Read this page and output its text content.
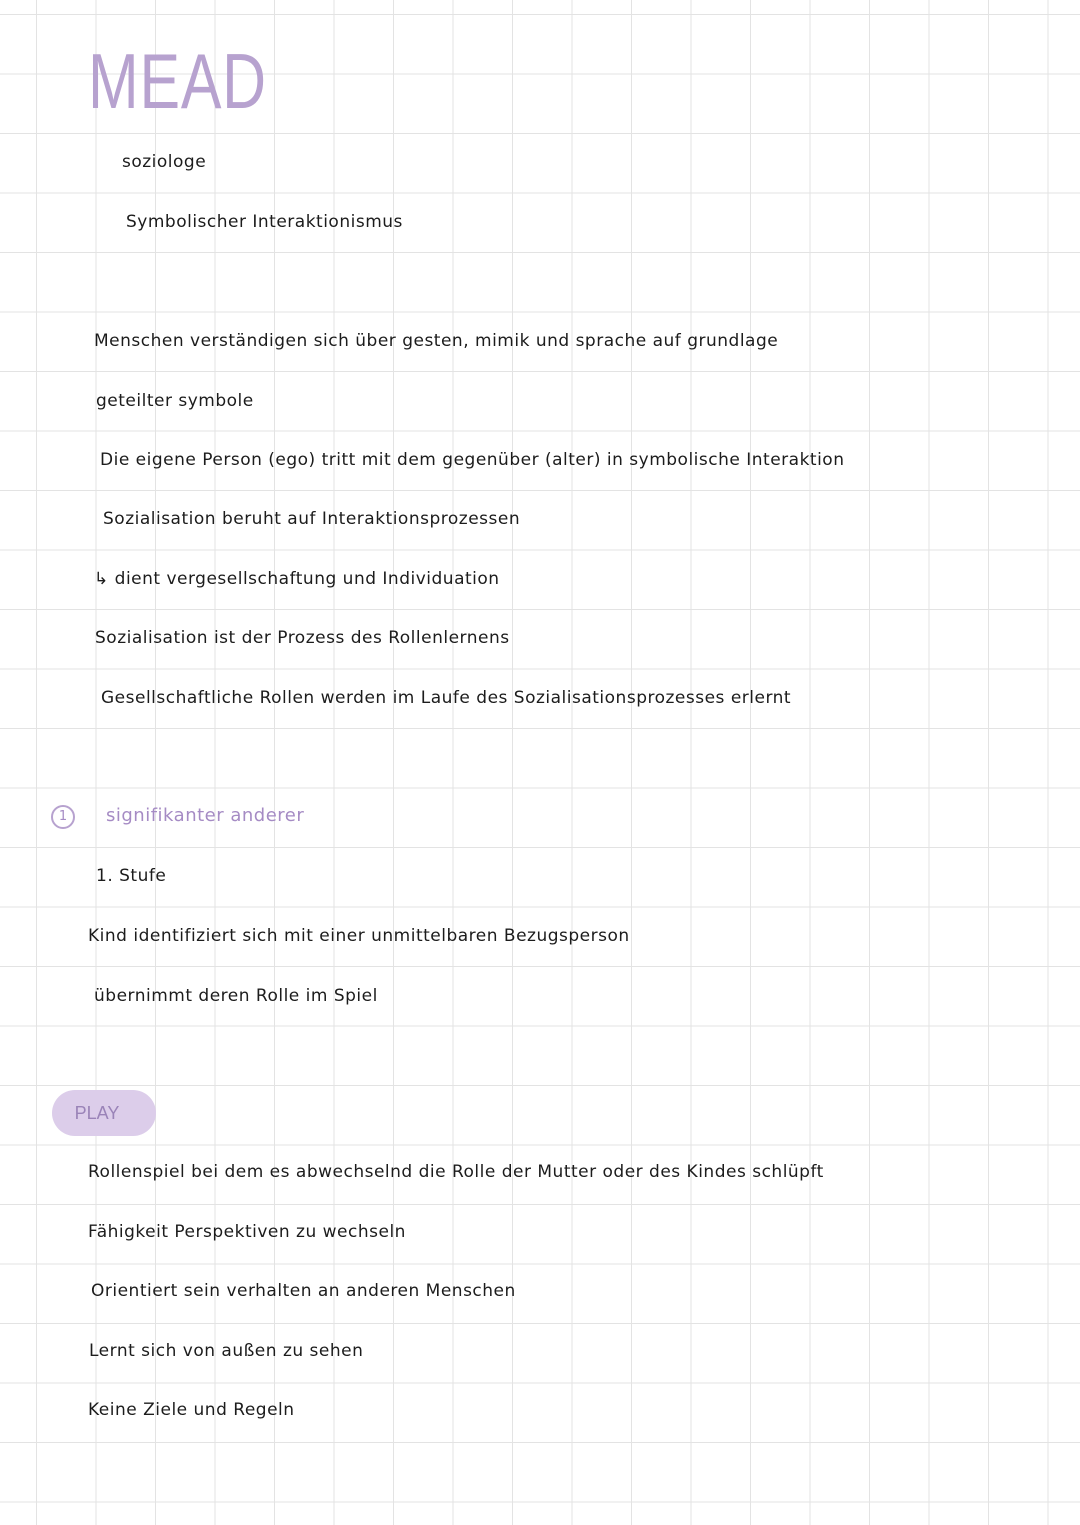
MEAD
soziologe
Symbolischer Interaktionismus
Menschen verständigen sich über gesten, mimik und sprache auf grundlage
geteilter symbole
Die eigene Person (ego) tritt mit dem gegenüber (alter) in symbolische Interaktion
Sozialisation beruht auf Interaktionsprozessen
↳ dient vergesellschaftung und Individuation
Sozialisation ist der Prozess des Rollenlernens
Gesellschaftliche Rollen werden im Laufe des Sozialisationsprozesses erlernt
1	signifikanter anderer
1. Stufe
Kind identifiziert sich mit einer unmittelbaren Bezugsperson
übernimmt deren Rolle im Spiel
PLAY
Rollenspiel bei dem es abwechselnd die Rolle der Mutter oder des Kindes schlüpft
Fähigkeit Perspektiven zu wechseln
Orientiert sein verhalten an anderen Menschen
Lernt sich von außen zu sehen
Keine Ziele und Regeln
